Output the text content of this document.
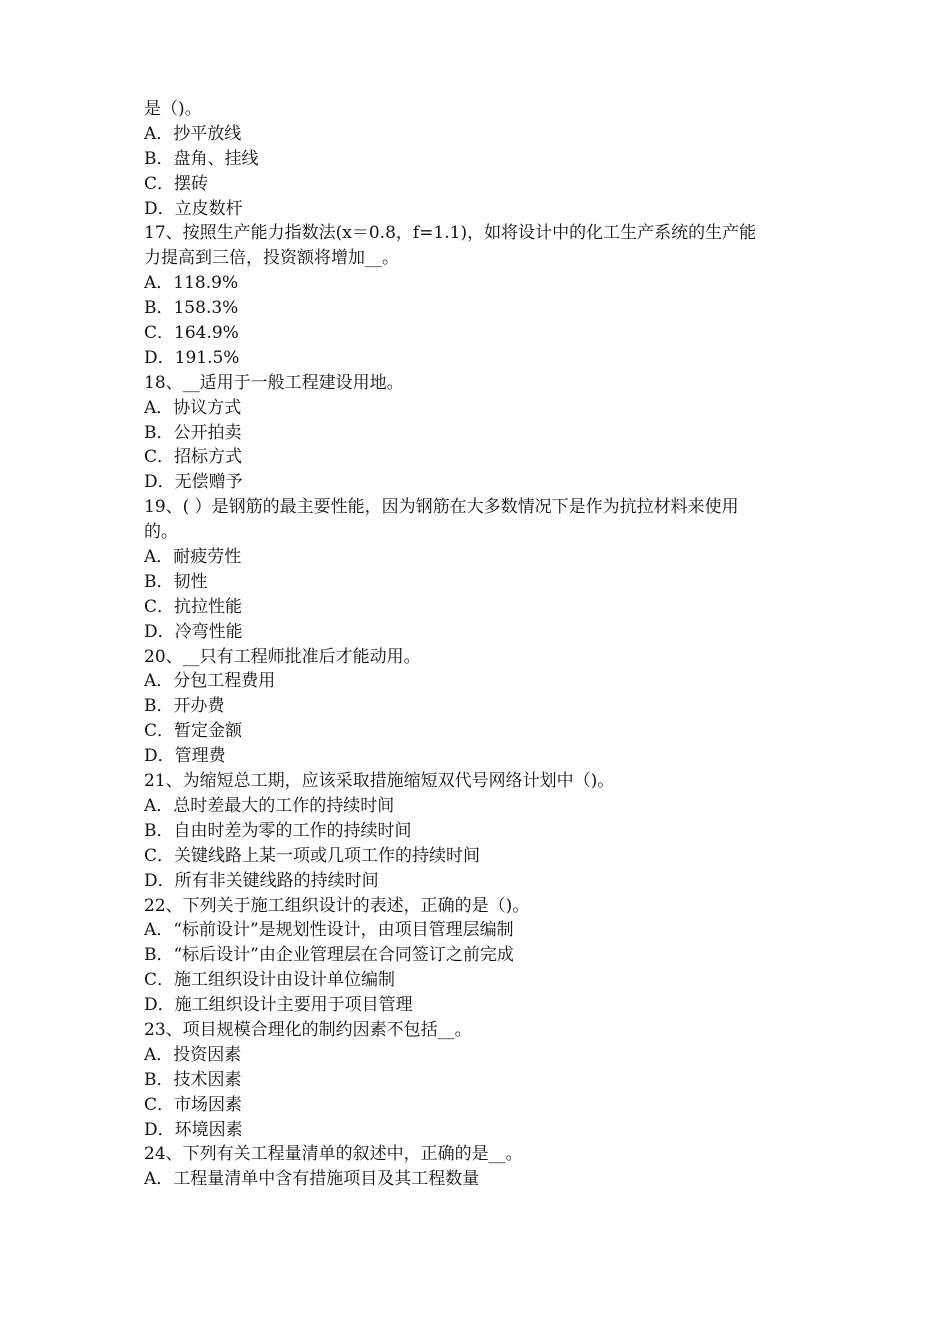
是（)。
A．抄平放线
B．盘角、挂线
C．摆砖
D．立皮数杆
17、按照生产能力指数法(x＝0.8，f=1.1)，如将设计中的化工生产系统的生产能
力提高到三倍，投资额将增加__。
A．118.9%
B．158.3%
C．164.9%
D．191.5%
18、__适用于一般工程建设用地。
A．协议方式
B．公开拍卖
C．招标方式
D．无偿赠予
19、( ）是钢筋的最主要性能，因为钢筋在大多数情况下是作为抗拉材料来使用
的。
A．耐疲劳性
B．韧性
C．抗拉性能
D．冷弯性能
20、__只有工程师批准后才能动用。
A．分包工程费用
B．开办费
C．暂定金额
D．管理费
21、为缩短总工期，应该采取措施缩短双代号网络计划中（)。
A．总时差最大的工作的持续时间
B．自由时差为零的工作的持续时间
C．关键线路上某一项或几项工作的持续时间
D．所有非关键线路的持续时间
22、下列关于施工组织设计的表述，正确的是（)。
A．“标前设计”是规划性设计，由项目管理层编制
B．“标后设计”由企业管理层在合同签订之前完成
C．施工组织设计由设计单位编制
D．施工组织设计主要用于项目管理
23、项目规模合理化的制约因素不包括__。
A．投资因素
B．技术因素
C．市场因素
D．环境因素
24、下列有关工程量清单的叙述中，正确的是__。
A．工程量清单中含有措施项目及其工程数量
